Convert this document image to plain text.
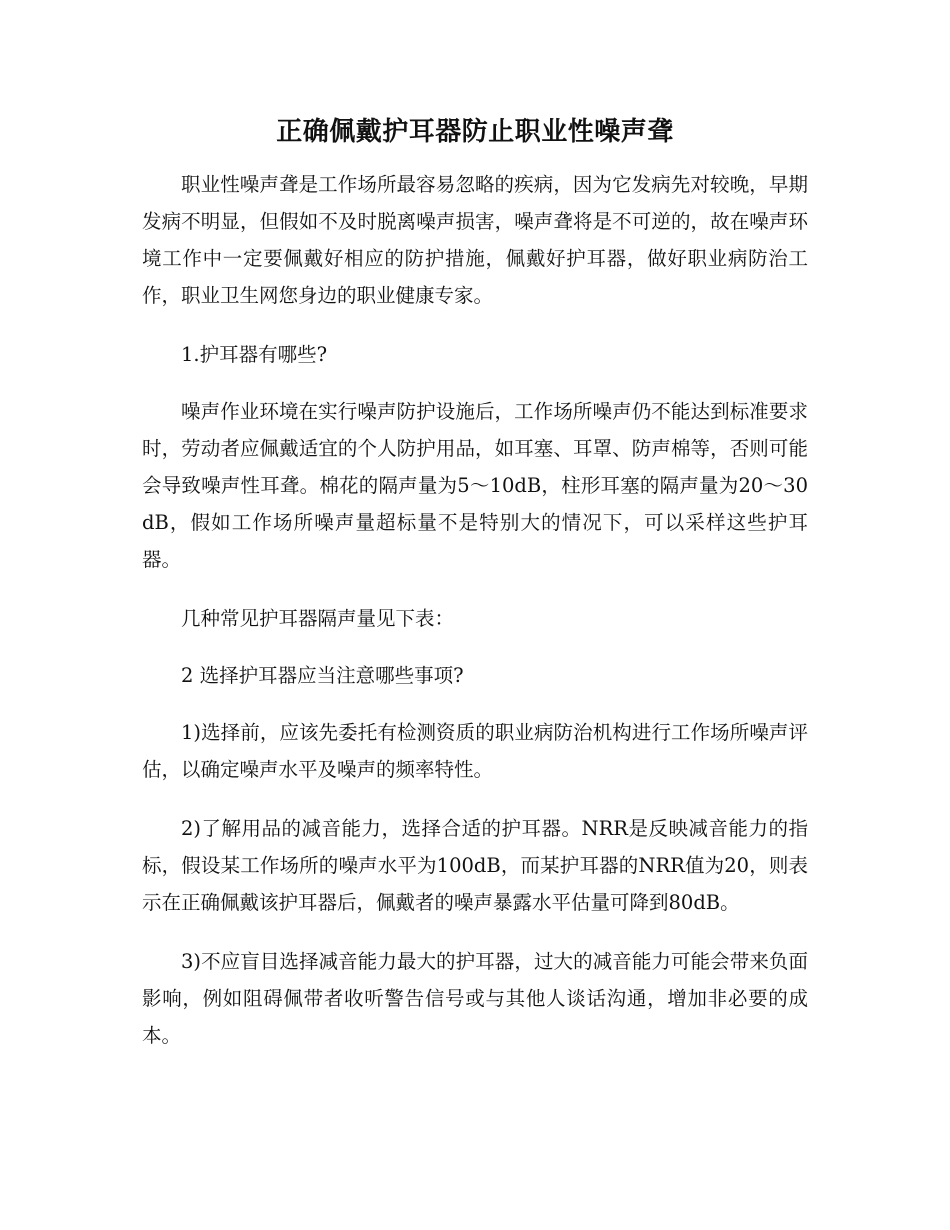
正确佩戴护耳器防止职业性噪声聋

职业性噪声聋是工作场所最容易忽略的疾病，因为它发病先对较晚，早期发病不明显，但假如不及时脱离噪声损害，噪声聋将是不可逆的，故在噪声环境工作中一定要佩戴好相应的防护措施，佩戴好护耳器，做好职业病防治工作，职业卫生网您身边的职业健康专家。

1.护耳器有哪些?

噪声作业环境在实行噪声防护设施后，工作场所噪声仍不能达到标准要求时，劳动者应佩戴适宜的个人防护用品，如耳塞、耳罩、防声棉等，否则可能会导致噪声性耳聋。棉花的隔声量为5～10dB，柱形耳塞的隔声量为20～30 dB，假如工作场所噪声量超标量不是特别大的情况下，可以采样这些护耳器。

几种常见护耳器隔声量见下表：

2 选择护耳器应当注意哪些事项?

1)选择前，应该先委托有检测资质的职业病防治机构进行工作场所噪声评估，以确定噪声水平及噪声的频率特性。

2)了解用品的减音能力，选择合适的护耳器。NRR是反映减音能力的指标，假设某工作场所的噪声水平为100dB，而某护耳器的NRR值为20，则表示在正确佩戴该护耳器后，佩戴者的噪声暴露水平估量可降到80dB。

3)不应盲目选择减音能力最大的护耳器，过大的减音能力可能会带来负面影响，例如阻碍佩带者收听警告信号或与其他人谈话沟通，增加非必要的成本。
